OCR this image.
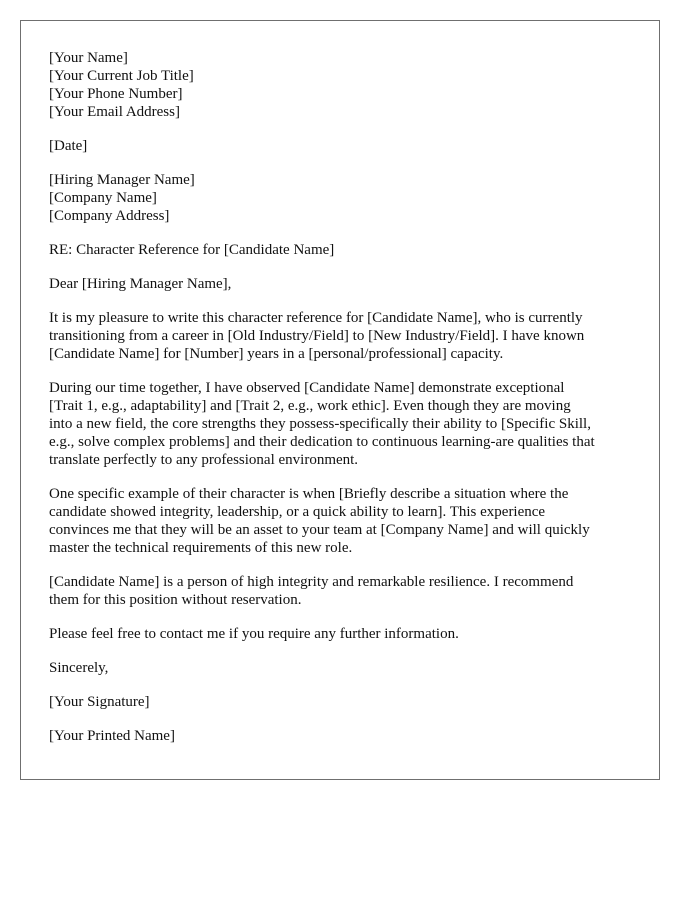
[Your Name]
[Your Current Job Title]
[Your Phone Number]
[Your Email Address]
[Date]
[Hiring Manager Name]
[Company Name]
[Company Address]
RE: Character Reference for [Candidate Name]
Dear [Hiring Manager Name],
It is my pleasure to write this character reference for [Candidate Name], who is currently
transitioning from a career in [Old Industry/Field] to [New Industry/Field]. I have known
[Candidate Name] for [Number] years in a [personal/professional] capacity.
During our time together, I have observed [Candidate Name] demonstrate exceptional
[Trait 1, e.g., adaptability] and [Trait 2, e.g., work ethic]. Even though they are moving
into a new field, the core strengths they possess-specifically their ability to [Specific Skill,
e.g., solve complex problems] and their dedication to continuous learning-are qualities that
translate perfectly to any professional environment.
One specific example of their character is when [Briefly describe a situation where the
candidate showed integrity, leadership, or a quick ability to learn]. This experience
convinces me that they will be an asset to your team at [Company Name] and will quickly
master the technical requirements of this new role.
[Candidate Name] is a person of high integrity and remarkable resilience. I recommend
them for this position without reservation.
Please feel free to contact me if you require any further information.
Sincerely,
[Your Signature]
[Your Printed Name]
